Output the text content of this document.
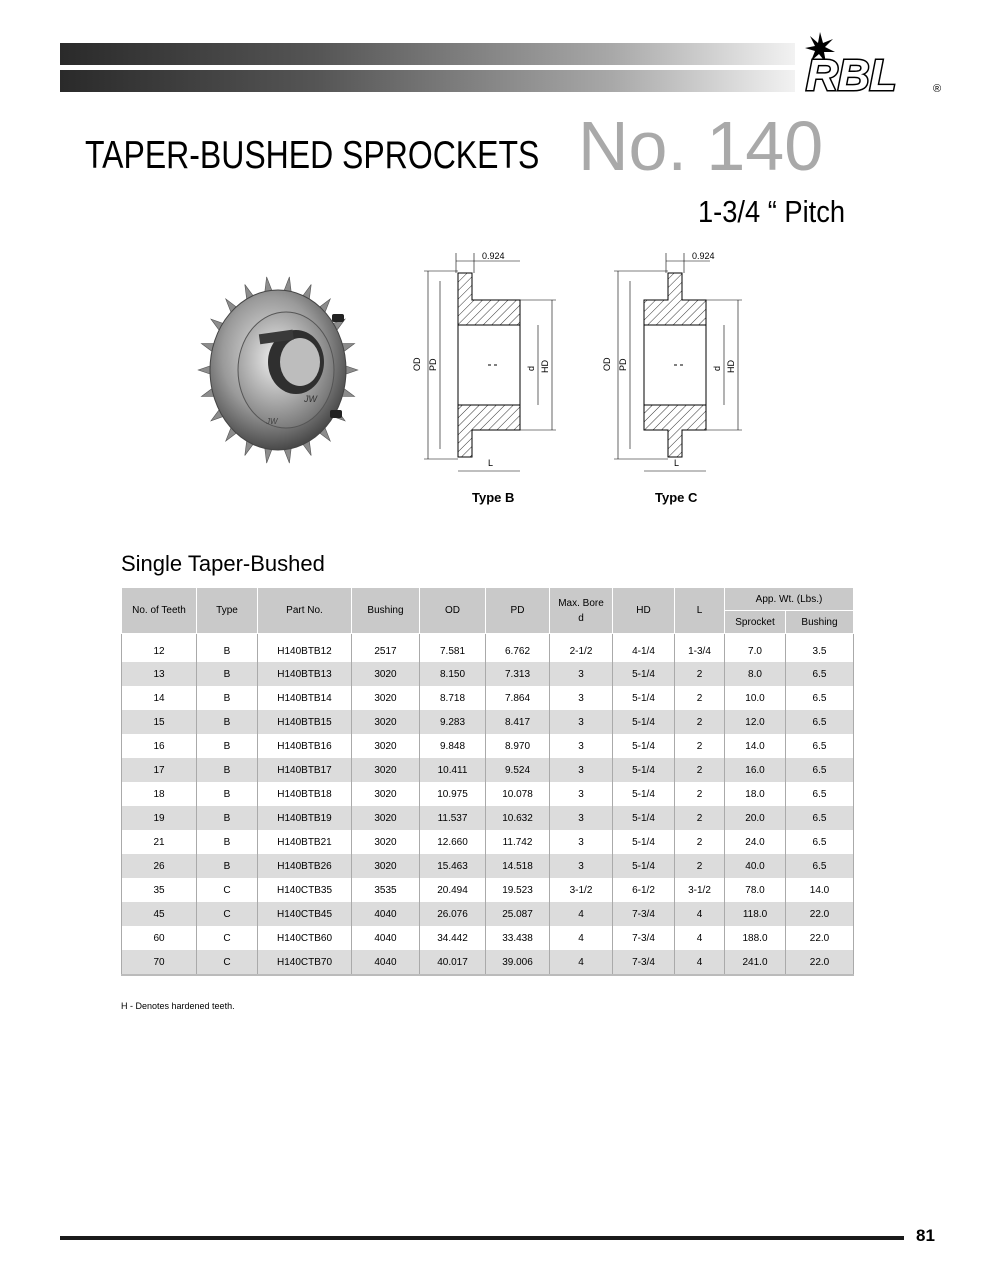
RBL	®
TAPER-BUSHED SPROCKETS No. 140
1-3/4 “ Pitch
JW
JW
0.924
OD PD	d HD
L
0.924
OD PD	d HD
L
Type B	Type C
Single Taper-Bushed
No. of Teeth	Type	Part No.	Bushing	OD	PD	Max. Bore
d	HD	L	App. Wt. (Lbs.)	
									Sprocket	Bushing
12	B	H140BTB12	2517	7.581	6.762	2-1/2	4-1/4	1-3/4	7.0	3.5
13	B	H140BTB13	3020	8.150	7.313	3	5-1/4	2	8.0	6.5
14	B	H140BTB14	3020	8.718	7.864	3	5-1/4	2	10.0	6.5
15	B	H140BTB15	3020	9.283	8.417	3	5-1/4	2	12.0	6.5
16	B	H140BTB16	3020	9.848	8.970	3	5-1/4	2	14.0	6.5
17	B	H140BTB17	3020	10.411	9.524	3	5-1/4	2	16.0	6.5
18	B	H140BTB18	3020	10.975	10.078	3	5-1/4	2	18.0	6.5
19	B	H140BTB19	3020	11.537	10.632	3	5-1/4	2	20.0	6.5
21	B	H140BTB21	3020	12.660	11.742	3	5-1/4	2	24.0	6.5
26	B	H140BTB26	3020	15.463	14.518	3	5-1/4	2	40.0	6.5
35	C	H140CTB35	3535	20.494	19.523	3-1/2	6-1/2	3-1/2	78.0	14.0
45	C	H140CTB45	4040	26.076	25.087	4	7-3/4	4	118.0	22.0
60	C	H140CTB60	4040	34.442	33.438	4	7-3/4	4	188.0	22.0
70	C	H140CTB70	4040	40.017	39.006	4	7-3/4	4	241.0	22.0
H - Denotes hardened teeth.
81
